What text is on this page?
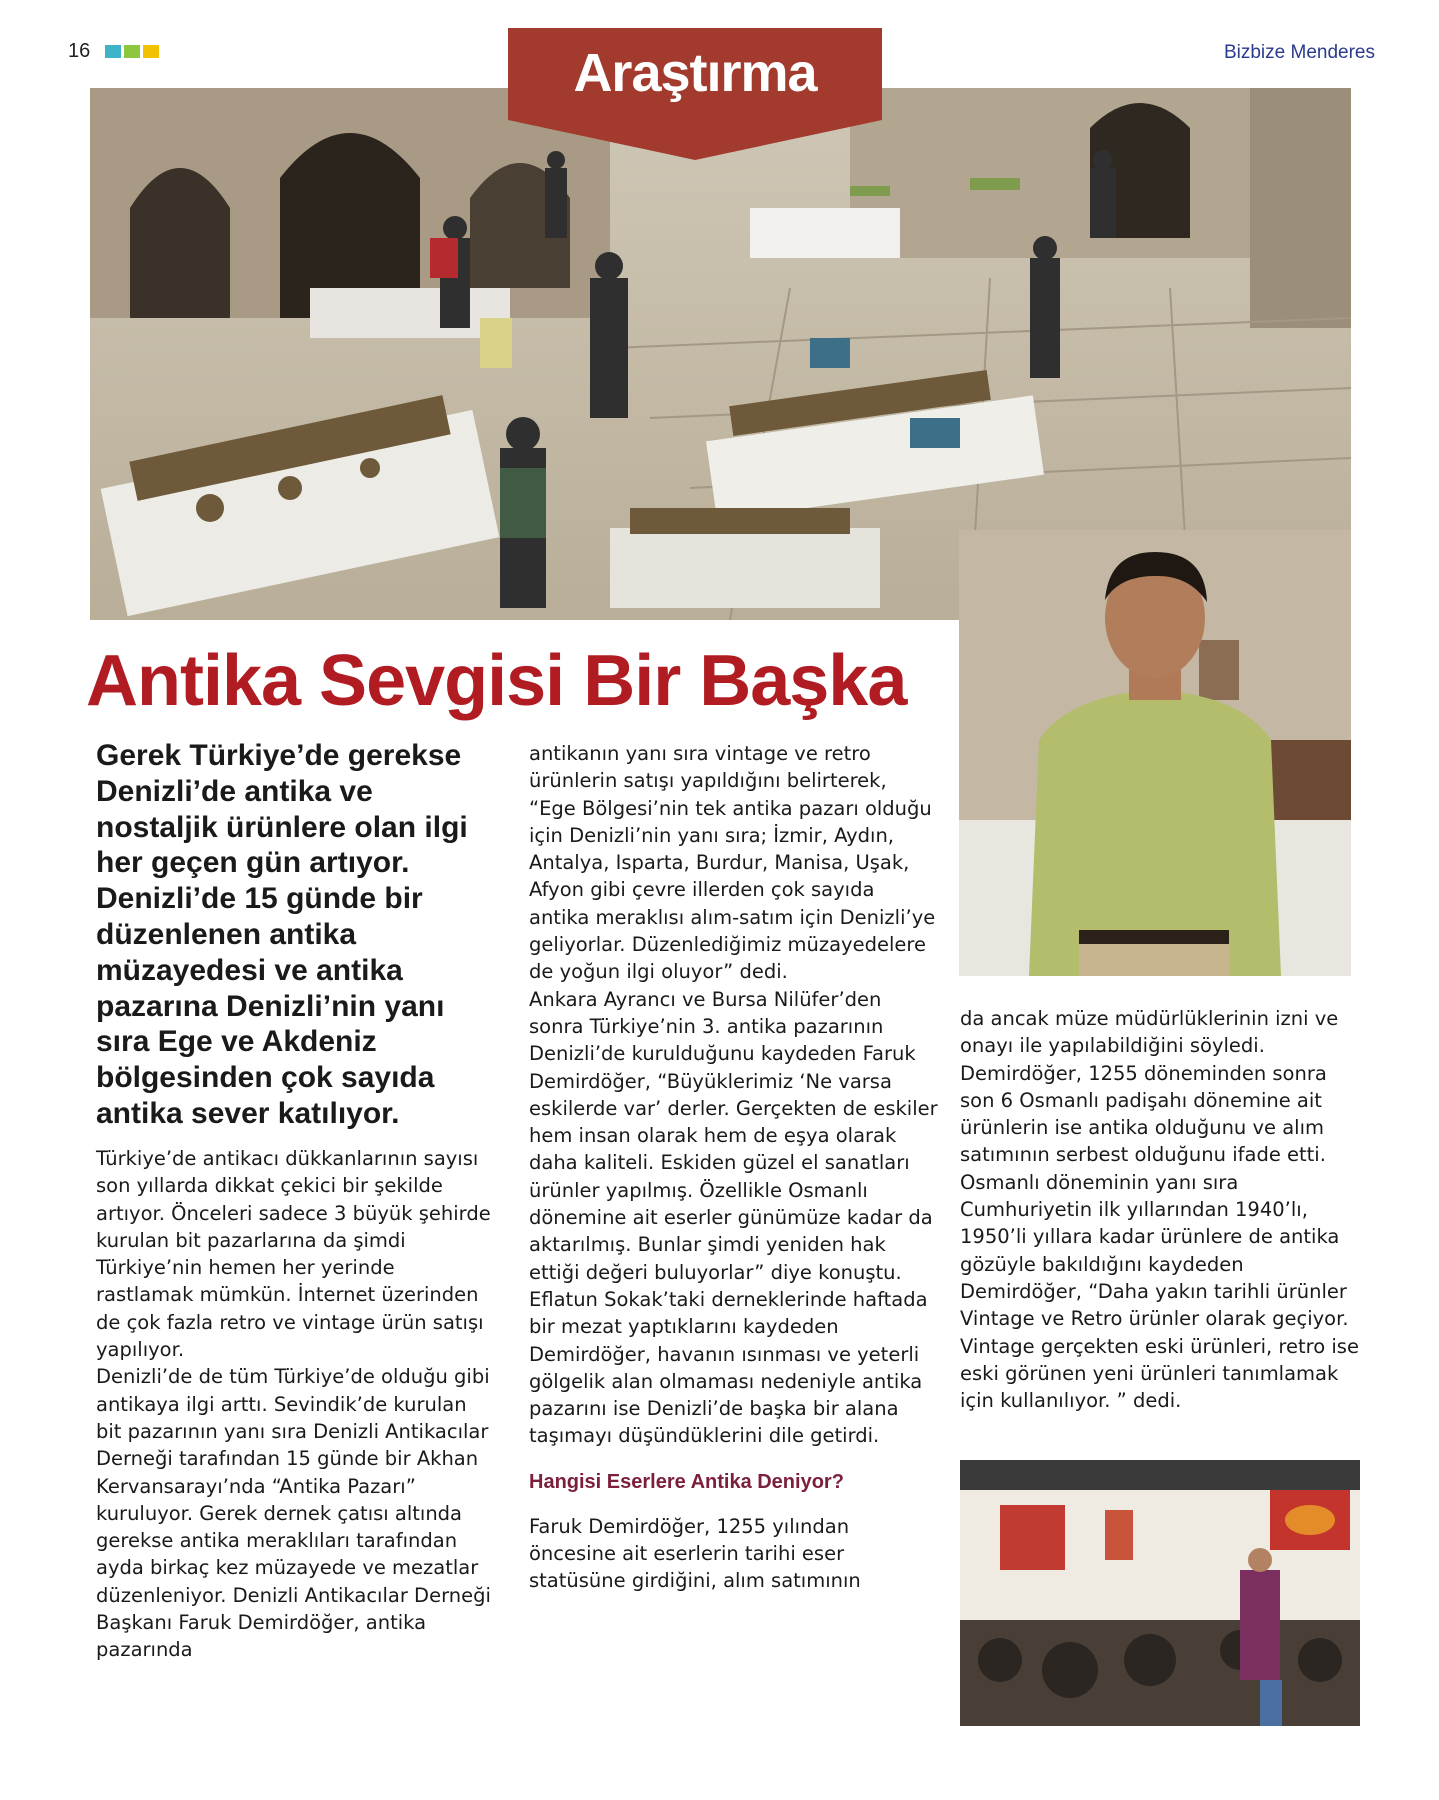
16	Bizbize Menderes
Araştırma
Antika Sevgisi Bir Başka
Gerek Türkiye’de gerekse Denizli’de antika ve nostaljik ürünlere olan ilgi her geçen gün artıyor. Denizli’de 15 günde bir düzenlenen antika müzayedesi ve antika pazarına Denizli’nin yanı sıra Ege ve Akdeniz bölgesinden çok sayıda antika sever katılıyor.

Türkiye’de antikacı dükkanlarının sayısı son yıllarda dikkat çekici bir şekilde artıyor. Önceleri sadece 3 büyük şehirde kurulan bit pazarlarına da şimdi Türkiye’nin hemen her yerinde rastlamak mümkün. İnternet üzerinden de çok fazla retro ve vintage ürün satışı yapılıyor.

Denizli’de de tüm Türkiye’de olduğu gibi antikaya ilgi arttı. Sevindik’de kurulan bit pazarının yanı sıra Denizli Antikacılar Derneği tarafından 15 günde bir Akhan Kervansarayı’nda “Antika Pazarı” kuruluyor. Gerek dernek çatısı altında gerekse antika meraklıları tarafından ayda birkaç kez müzayede ve mezatlar düzenleniyor. Denizli Antikacılar Derneği Başkanı Faruk Demirdöğer, antika pazarında

antikanın yanı sıra vintage ve retro ürünlerin satışı yapıldığını belirterek, “Ege Bölgesi’nin tek antika pazarı olduğu için Denizli’nin yanı sıra; İzmir, Aydın, Antalya, Isparta, Burdur, Manisa, Uşak, Afyon gibi çevre illerden çok sayıda antika meraklısı alım-satım için Denizli’ye geliyorlar. Düzenlediğimiz müzayedelere de yoğun ilgi oluyor” dedi.

Ankara Ayrancı ve Bursa Nilüfer’den sonra Türkiye’nin 3. antika pazarının Denizli’de kurulduğunu kaydeden Faruk Demirdöğer, “Büyüklerimiz ‘Ne varsa eskilerde var’ derler. Gerçekten de eskiler hem insan olarak hem de eşya olarak daha kaliteli. Eskiden güzel el sanatları ürünler yapılmış. Özellikle Osmanlı dönemine ait eserler günümüze kadar da aktarılmış. Bunlar şimdi yeniden hak ettiği değeri buluyorlar” diye konuştu.

Eflatun Sokak’taki derneklerinde haftada bir mezat yaptıklarını kaydeden Demirdöğer, havanın ısınması ve yeterli gölgelik alan olmaması nedeniyle antika pazarını ise Denizli’de başka bir alana taşımayı düşündüklerini dile getirdi.

Hangisi Eserlere Antika Deniyor?

Faruk Demirdöğer, 1255 yılından öncesine ait eserlerin tarihi eser statüsüne girdiğini, alım satımının

da ancak müze müdürlüklerinin izni ve onayı ile yapılabildiğini söyledi. Demirdöğer, 1255 döneminden sonra son 6 Osmanlı padişahı dönemine ait ürünlerin ise antika olduğunu ve alım satımının serbest olduğunu ifade etti. Osmanlı döneminin yanı sıra Cumhuriyetin ilk yıllarından 1940’lı, 1950’li yıllara kadar ürünlere de antika gözüyle bakıldığını kaydeden Demirdöğer, “Daha yakın tarihli ürünler Vintage ve Retro ürünler olarak geçiyor. Vintage gerçekten eski ürünleri, retro ise eski görünen yeni ürünleri tanımlamak için kullanılıyor. ” dedi.
